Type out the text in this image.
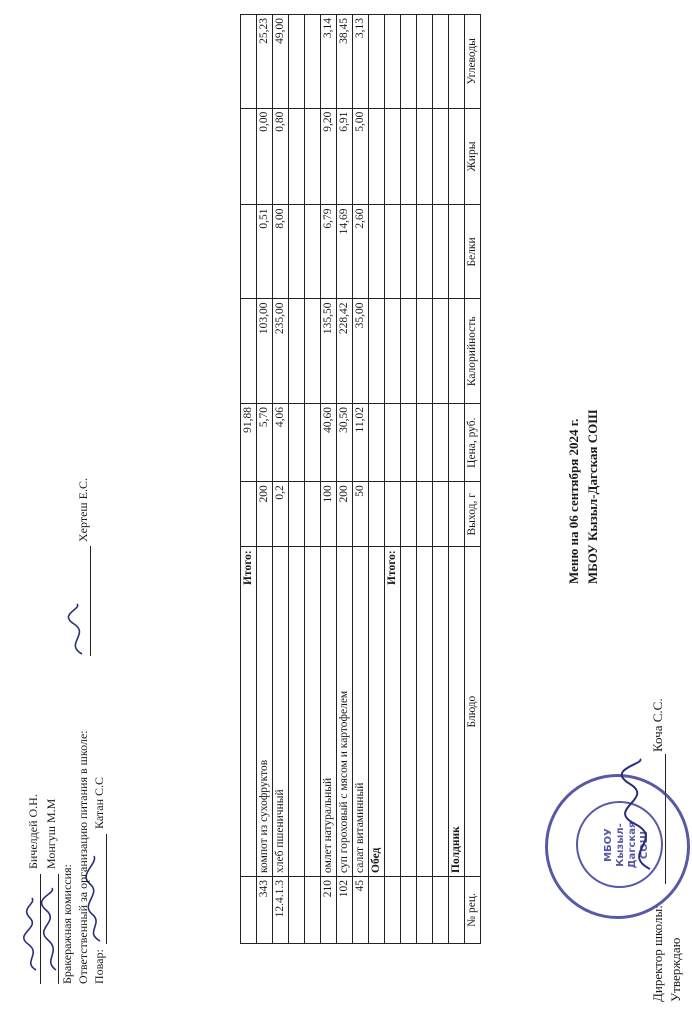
Утверждаю
Директор школы:
Коча С.С.
МБОУ Кызыл-Дагская СОШ
МБОУ Кызыл-Дагская СОШ
Меню на 06 сентября 2024 г.
№ рец.	Блюдо	Выход, г	Цена, руб.	Калорийность	Белки	Жиры	Углеводы
	Полдник						

	Итого:						
	Обед						
45	салат витаминный	50	11,02	35,00	2,60	5,00	3,13
102	суп гороховый с мясом и картофелем	200	30,50	228,42	14,69	6,91	38,45
210	омлет натуральный	100	40,60	135,50	6,79	9,20	3,14

12.4.1.3	хлеб пшеничный	0,2	4,06	235,00	8,00	0,80	49,00
343	компот из сухофруктов	200	5,70	103,00	0,51	0,00	25,23
	Итого:		91,88				
Повар:
Катан С.С
Ответственный за организацию питания в школе:
Хертеш Е.С.
Бракеражная комиссия:
Монгуш М.М
Бичелдей О.Н.
